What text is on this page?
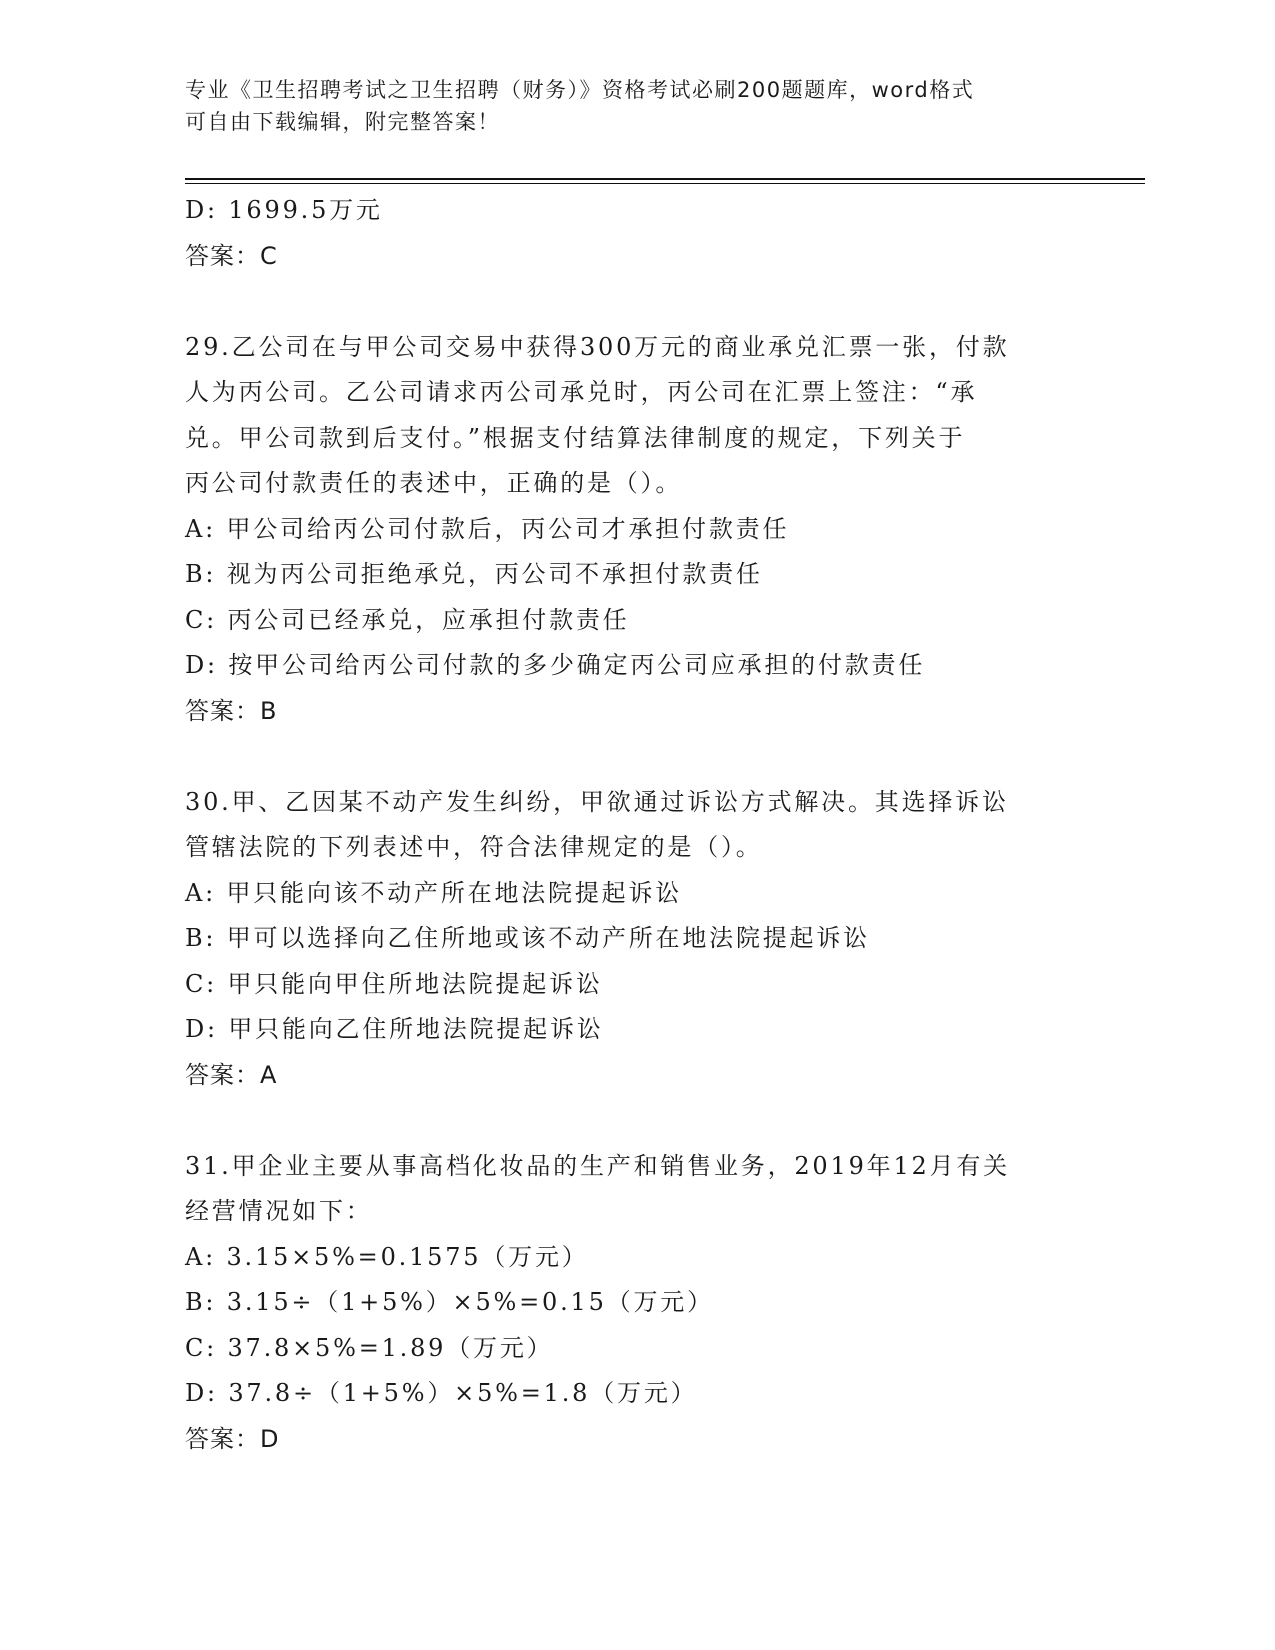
专业《卫生招聘考试之卫生招聘（财务）》资格考试必刷200题题库，word格式
可自由下载编辑，附完整答案！
D: 1699.5万元
答案：C
29.乙公司在与甲公司交易中获得300万元的商业承兑汇票一张，付款
人为丙公司。乙公司请求丙公司承兑时，丙公司在汇票上签注：“承
兑。甲公司款到后支付。”根据支付结算法律制度的规定，下列关于
丙公司付款责任的表述中，正确的是（）。
A: 甲公司给丙公司付款后，丙公司才承担付款责任
B: 视为丙公司拒绝承兑，丙公司不承担付款责任
C: 丙公司已经承兑，应承担付款责任
D: 按甲公司给丙公司付款的多少确定丙公司应承担的付款责任
答案：B
30.甲、乙因某不动产发生纠纷，甲欲通过诉讼方式解决。其选择诉讼
管辖法院的下列表述中，符合法律规定的是（）。
A: 甲只能向该不动产所在地法院提起诉讼
B: 甲可以选择向乙住所地或该不动产所在地法院提起诉讼
C: 甲只能向甲住所地法院提起诉讼
D: 甲只能向乙住所地法院提起诉讼
答案：A
31.甲企业主要从事高档化妆品的生产和销售业务，2019年12月有关
经营情况如下：
A: 3.15×5%=0.1575（万元）
B: 3.15÷（1+5%）×5%=0.15（万元）
C: 37.8×5%=1.89（万元）
D: 37.8÷（1+5%）×5%=1.8（万元）
答案：D
